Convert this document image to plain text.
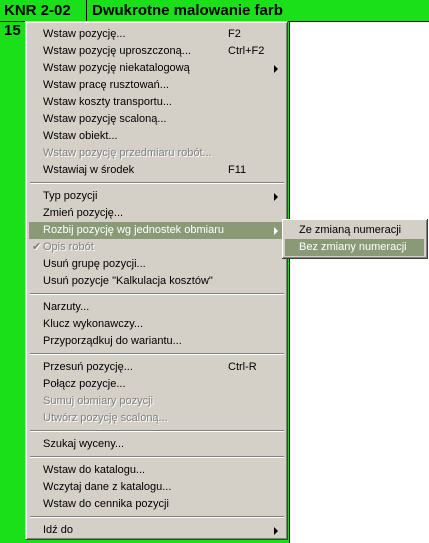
KNR 2-02 Dwukrotne malowanie farb
15 Wstaw pozycję...	F2
Wstaw pozycję uproszczoną...	Ctrl+F2
Wstaw pozycję niekatalogową
Wstaw pracę rusztowań...
Wstaw koszty transportu...
Wstaw pozycję scaloną...
Wstaw obiekt...
Wstaw pozycję przedmiaru robót...
Wstawiaj w środek	F11
Typ pozycji
Zmień pozycję...
Rozbij pozycję wg jednostek obmiaru
✔ Opis robót
Usuń grupę pozycji...
Usuń pozycje "Kalkulacja kosztów"
Narzuty...
Klucz wykonawczy...
Przyporządkuj do wariantu...
Przesuń pozycję...	Ctrl-R
Połącz pozycje...
Sumuj obmiary pozycji
Utwórz pozycję scaloną...
Szukaj wyceny...
Wstaw do katalogu...
Wczytaj dane z katalogu...
Wstaw do cennika pozycji
Idź do
Ze zmianą numeracji
Bez zmiany numeracji
